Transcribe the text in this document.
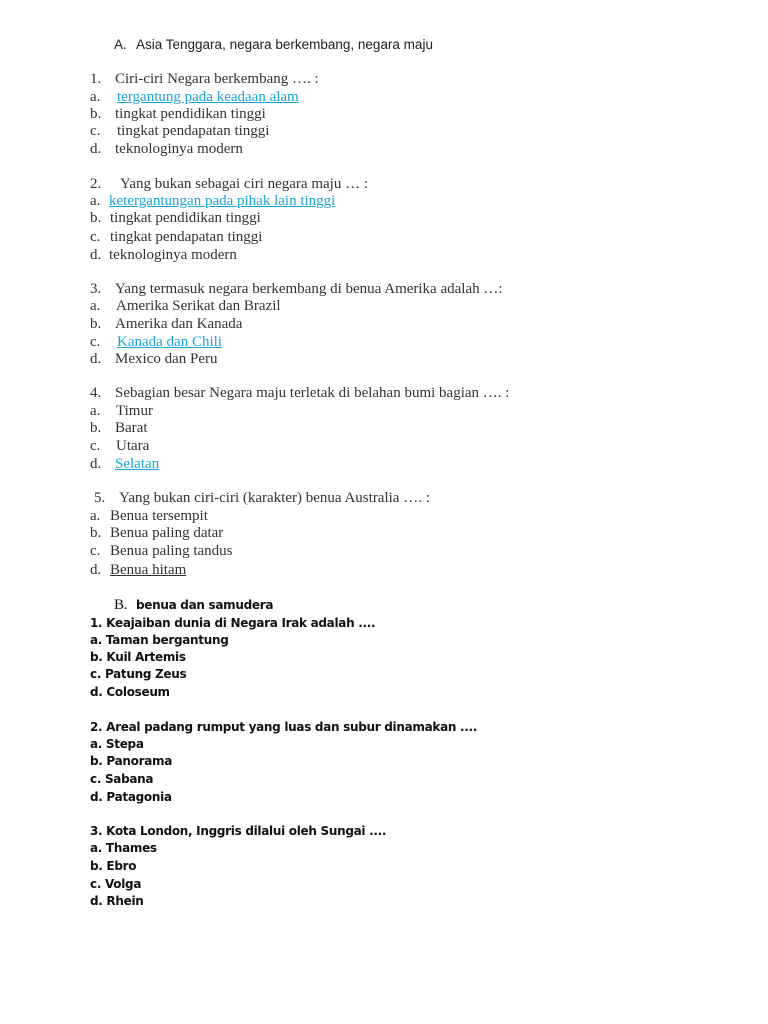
A. Asia Tenggara, negara berkembang, negara maju
1. Ciri-ciri Negara berkembang …. :
a. tergantung pada keadaan alam
b. tingkat pendidikan tinggi
c. tingkat pendapatan tinggi
d. teknologinya modern
2. Yang bukan sebagai ciri negara maju … :
a. ketergantungan pada pihak lain tinggi
b. tingkat pendidikan tinggi
c. tingkat pendapatan tinggi
d. teknologinya modern
3. Yang termasuk negara berkembang di benua Amerika adalah …:
a. Amerika Serikat dan Brazil
b. Amerika dan Kanada
c. Kanada dan Chili
d. Mexico dan Peru
4. Sebagian besar Negara maju terletak di belahan bumi bagian …. :
a. Timur
b. Barat
c. Utara
d. Selatan
5. Yang bukan ciri-ciri (karakter) benua Australia …. :
a. Benua tersempit
b. Benua paling datar
c. Benua paling tandus
d. Benua hitam
B. benua dan samudera
1. Keajaiban dunia di Negara Irak adalah ....
a. Taman bergantung
b. Kuil Artemis
c. Patung Zeus
d. Coloseum
2. Areal padang rumput yang luas dan subur dinamakan ....
a. Stepa
b. Panorama
c. Sabana
d. Patagonia
3. Kota London, Inggris dilalui oleh Sungai ....
a. Thames
b. Ebro
c. Volga
d. Rhein
